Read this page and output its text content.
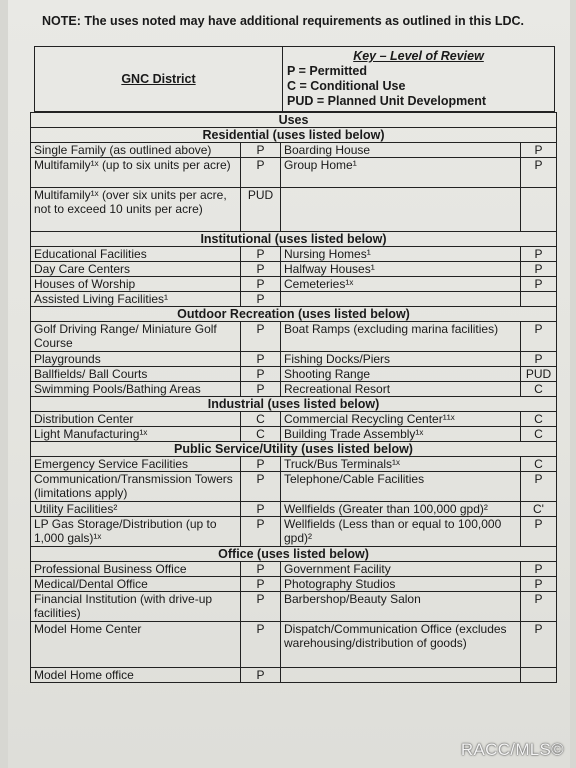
NOTE: The uses noted may have additional requirements as outlined in this LDC.
GNC District	
Key – Level of Review
P = Permitted
C = Conditional Use
PUD = Planned Unit Development
Uses			
Residential (uses listed below)			
Single Family (as outlined above)	P	Boarding House	P
Multifamily¹ˣ (up to six units per acre)	P	Group Home¹	P
Multifamily¹ˣ (over six units per acre, not to exceed 10 units per acre)	PUD		
Institutional (uses listed below)			
Educational Facilities	P	Nursing Homes¹	P
Day Care Centers	P	Halfway Houses¹	P
Houses of Worship	P	Cemeteries¹ˣ	P
Assisted Living Facilities¹	P		
Outdoor Recreation (uses listed below)			
Golf Driving Range/ Miniature Golf Course	P	Boat Ramps (excluding marina facilities)	P
Playgrounds	P	Fishing Docks/Piers	P
Ballfields/ Ball Courts	P	Shooting Range	PUD
Swimming Pools/Bathing Areas	P	Recreational Resort	C
Industrial (uses listed below)			
Distribution Center	C	Commercial Recycling Center¹¹ˣ	C
Light Manufacturing¹ˣ	C	Building Trade Assembly¹ˣ	C
Public Service/Utility (uses listed below)			
Emergency Service Facilities	P	Truck/Bus Terminals¹ˣ	C
Communication/Transmission Towers (limitations apply)	P	Telephone/Cable Facilities	P
Utility Facilities²	P	Wellfields (Greater than 100,000 gpd)²	C'
LP Gas Storage/Distribution (up to 1,000 gals)¹ˣ	P	Wellfields (Less than or equal to 100,000 gpd)²	P
Office (uses listed below)			
Professional Business Office	P	Government Facility	P
Medical/Dental Office	P	Photography Studios	P
Financial Institution (with drive-up facilities)	P	Barbershop/Beauty Salon	P
Model Home Center	P	Dispatch/Communication Office (excludes warehousing/distribution of goods)	P
Model Home office	P		
RACC/MLS©
